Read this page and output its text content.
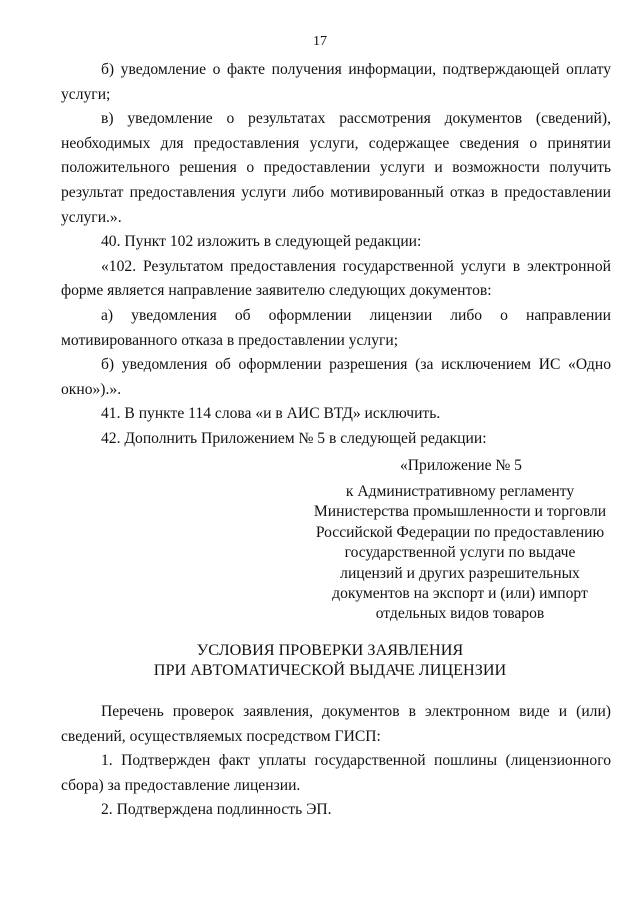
17

б) уведомление о факте получения информации, подтверждающей оплату услуги;

в) уведомление о результатах рассмотрения документов (сведений), необходимых для предоставления услуги, содержащее сведения о принятии положительного решения о предоставлении услуги и возможности получить результат предоставления услуги либо мотивированный отказ в предоставлении услуги.».

40. Пункт 102 изложить в следующей редакции:

«102. Результатом предоставления государственной услуги в электронной форме является направление заявителю следующих документов:

а) уведомления об оформлении лицензии либо о направлении мотивированного отказа в предоставлении услуги;

б) уведомления об оформлении разрешения (за исключением ИС «Одно окно»).».

41. В пункте 114 слова «и в АИС ВТД» исключить.

42. Дополнить Приложением № 5 в следующей редакции:

«Приложение № 5
к Административному регламенту
Министерства промышленности и торговли
Российской Федерации по предоставлению
государственной услуги по выдаче
лицензий и других разрешительных
документов на экспорт и (или) импорт
отдельных видов товаров
УСЛОВИЯ ПРОВЕРКИ ЗАЯВЛЕНИЯ
ПРИ АВТОМАТИЧЕСКОЙ ВЫДАЧЕ ЛИЦЕНЗИИ

Перечень проверок заявления, документов в электронном виде и (или) сведений, осуществляемых посредством ГИСП:

1. Подтвержден факт уплаты государственной пошлины (лицензионного сбора) за предоставление лицензии.

2. Подтверждена подлинность ЭП.
